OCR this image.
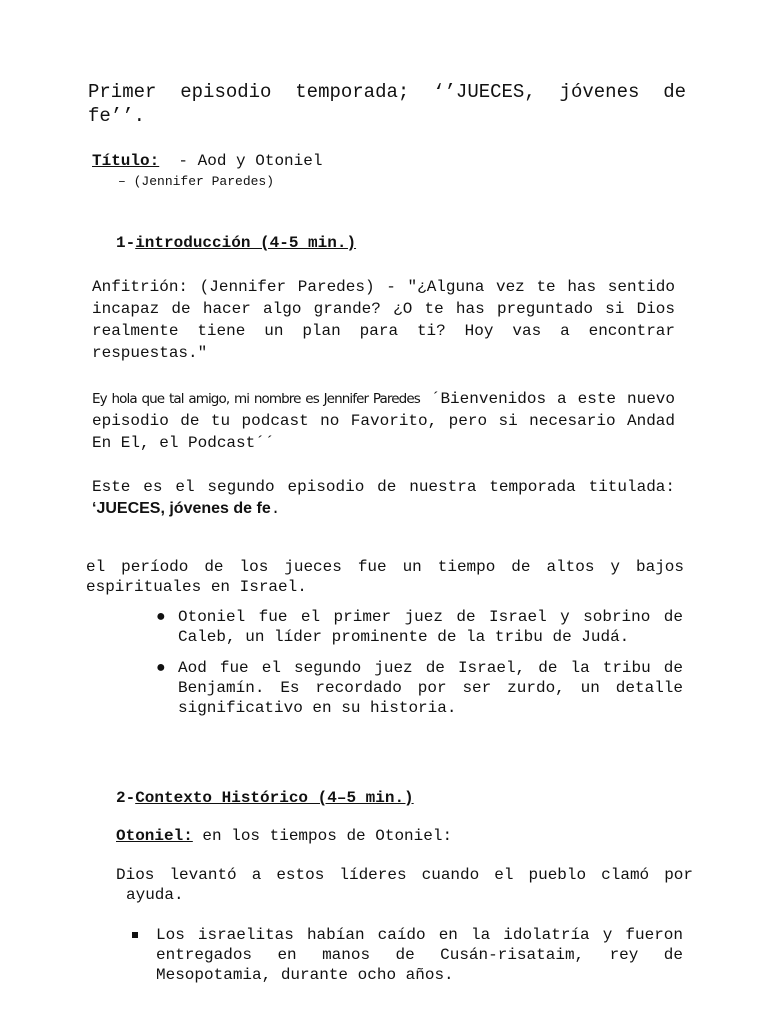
Primer episodio temporada; ‘’JUECES, jóvenes de fe’’.
Título:  - Aod y Otoniel
– (Jennifer Paredes)
1-introducción (4-5 min.)
Anfitrión: (Jennifer Paredes) - "¿Alguna vez te has sentido incapaz de hacer algo grande? ¿O te has preguntado si Dios realmente tiene un plan para ti? Hoy vas a encontrar respuestas."
Ey hola que tal amigo, mi nombre es Jennifer Paredes ´Bienvenidos a este nuevo episodio de tu podcast no Favorito, pero si necesario Andad En El, el Podcast´´
Este es el segundo episodio de nuestra temporada titulada: ‘JUECES, jóvenes de fe.
el período de los jueces fue un tiempo de altos y bajos espirituales en Israel.
● Otoniel fue el primer juez de Israel y sobrino de Caleb, un líder prominente de la tribu de Judá.
● Aod fue el segundo juez de Israel, de la tribu de Benjamín. Es recordado por ser zurdo, un detalle significativo en su historia.
2-Contexto Histórico (4–5 min.)
Otoniel: en los tiempos de Otoniel:
Dios levantó a estos líderes cuando el pueblo clamó por ayuda.
Los israelitas habían caído en la idolatría y fueron entregados en manos de Cusán-risataim, rey de Mesopotamia, durante ocho años.
